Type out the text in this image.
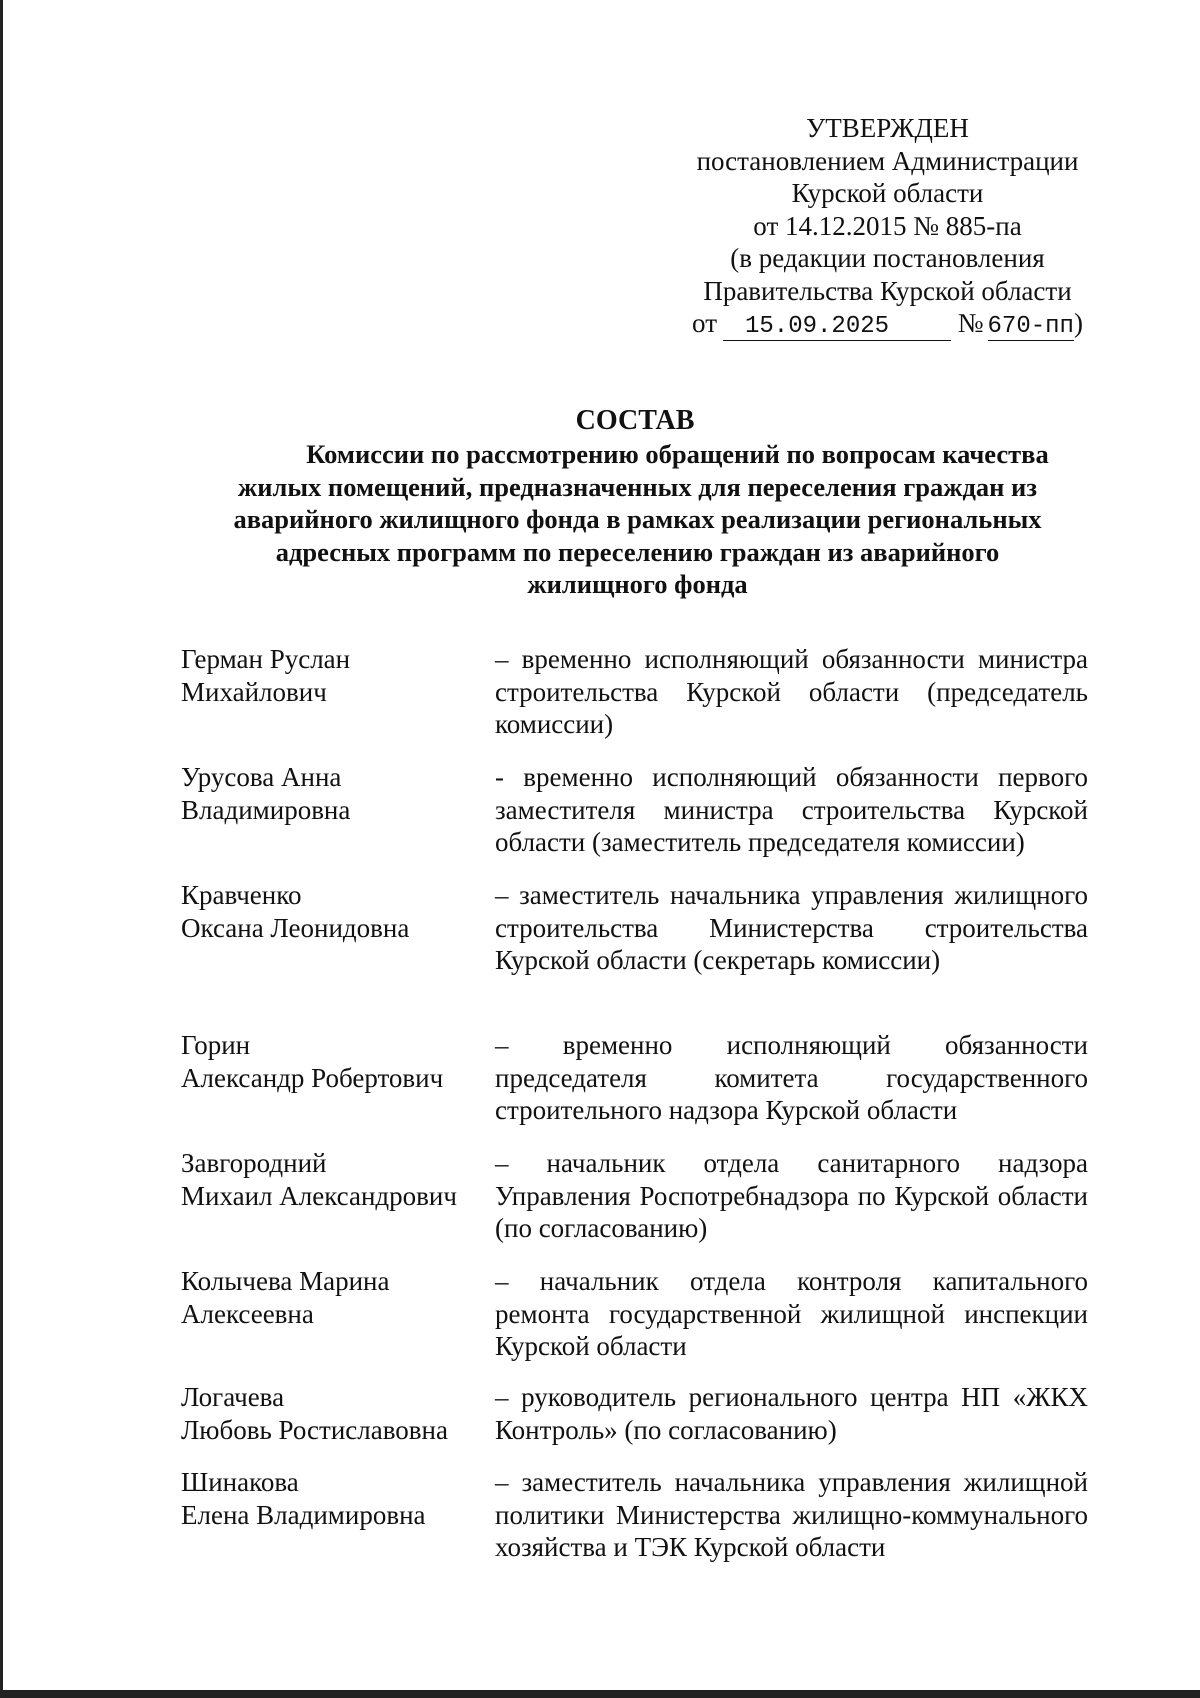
УТВЕРЖДЕН
постановлением Администрации
Курской области
от 14.12.2015 № 885-па
(в редакции постановления
Правительства Курской области
от 15.09.2025	№ 670-пп)
СОСТАВ
Комиссии по рассмотрению обращений по вопросам качества
жилых помещений, предназначенных для переселения граждан из
аварийного жилищного фонда в рамках реализации региональных
адресных программ по переселению граждан из аварийного
жилищного фонда
Герман Руслан
Михайлович
– временно исполняющий обязанности министра строительства Курской области (председатель комиссии)
Урусова Анна
Владимировна
- временно исполняющий обязанности первого заместителя министра строительства Курской области (заместитель председателя комиссии)
Кравченко
Оксана Леонидовна
– заместитель начальника управления жилищного строительства Министерства строительства Курской области (секретарь комиссии)
Горин
Александр Робертович
– временно исполняющий обязанности председателя комитета государственного строительного надзора Курской области
Завгородний
Михаил Александрович
– начальник отдела санитарного надзора Управления Роспотребнадзора по Курской области (по согласованию)
Колычева Марина
Алексеевна
– начальник отдела контроля капитального ремонта государственной жилищной инспекции Курской области
Логачева
Любовь Ростиславовна
– руководитель регионального центра НП «ЖКХ Контроль» (по согласованию)
Шинакова
Елена Владимировна
– заместитель начальника управления жилищной политики Министерства жилищно-коммунального хозяйства и ТЭК Курской области
